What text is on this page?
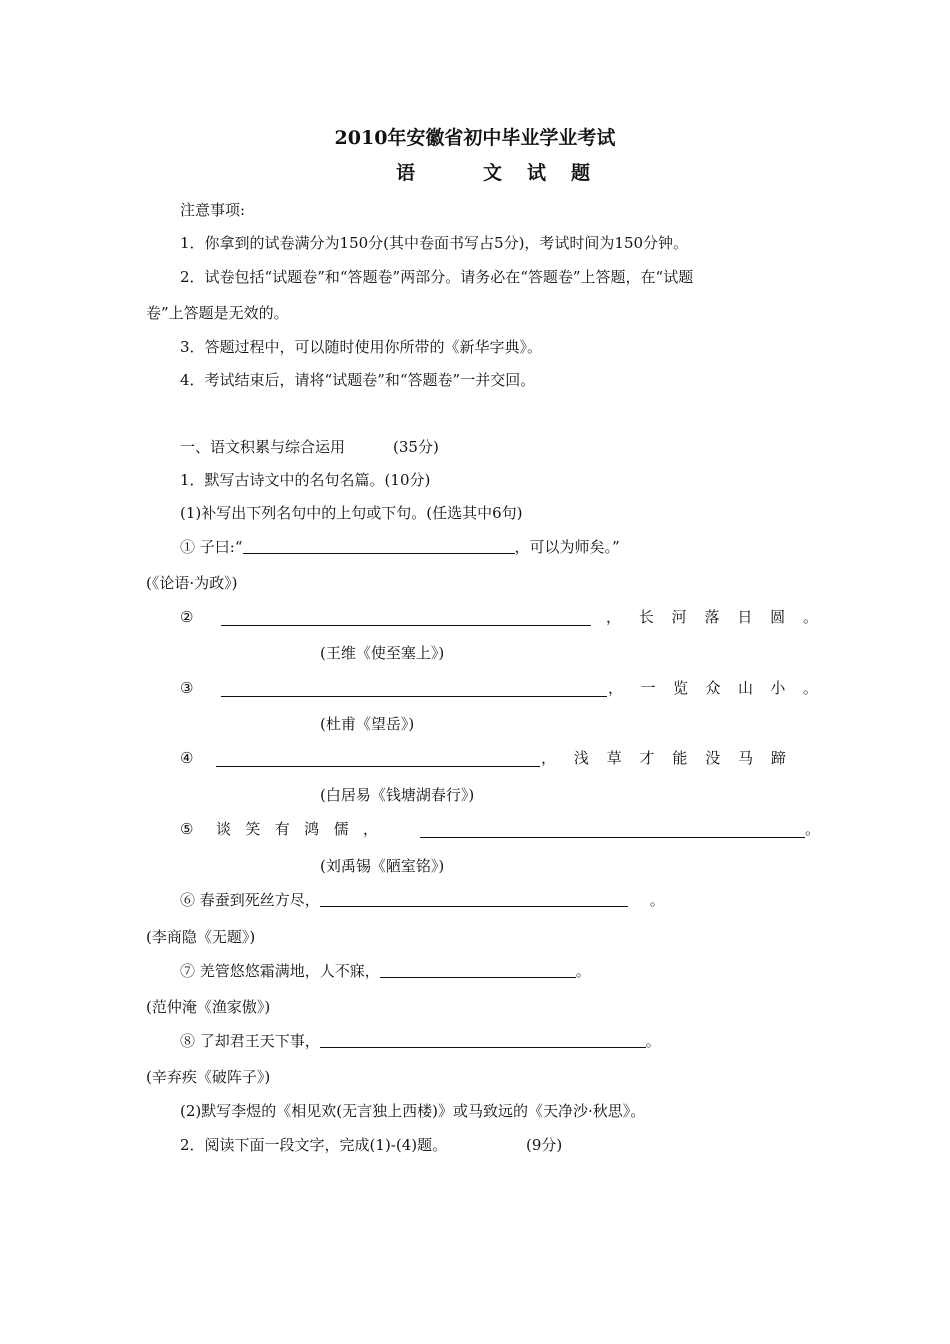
2010年安徽省初中毕业学业考试
语	文 试 题
注意事项:
1．你拿到的试卷满分为150分(其中卷面书写占5分)，考试时间为150分钟。
2．试卷包括“试题卷”和“答题卷”两部分。请务必在“答题卷”上答题，在“试题
卷”上答题是无效的。
3．答题过程中，可以随时使用你所带的《新华字典》。
4．考试结束后，请将“试题卷”和“答题卷”一并交回。
一、语文积累与综合运用	(35分)
1．默写古诗文中的名句名篇。(10分)
(1)补写出下列名句中的上句或下句。(任选其中6句)
① 子曰:“	，可以为师矣。”
(《论语·为政》)
②	， 长 河 落 日 圆 。
(王维《使至塞上》)
③	， 一 览 众 山 小 。
(杜甫《望岳》)
④	， 浅 草 才 能 没 马 蹄
(白居易《钱塘湖春行》)
⑤ 谈 笑 有 鸿 儒 ，	。
(刘禹锡《陋室铭》)
⑥ 春蚕到死丝方尽，	。
(李商隐《无题》)
⑦ 羌管悠悠霜满地，人不寐，	。
(范仲淹《渔家傲》)
⑧ 了却君王天下事，	。
(辛弃疾《破阵子》)
(2)默写李煜的《相见欢(无言独上西楼)》或马致远的《天净沙·秋思》。
2．阅读下面一段文字，完成(1)-(4)题。	(9分)
